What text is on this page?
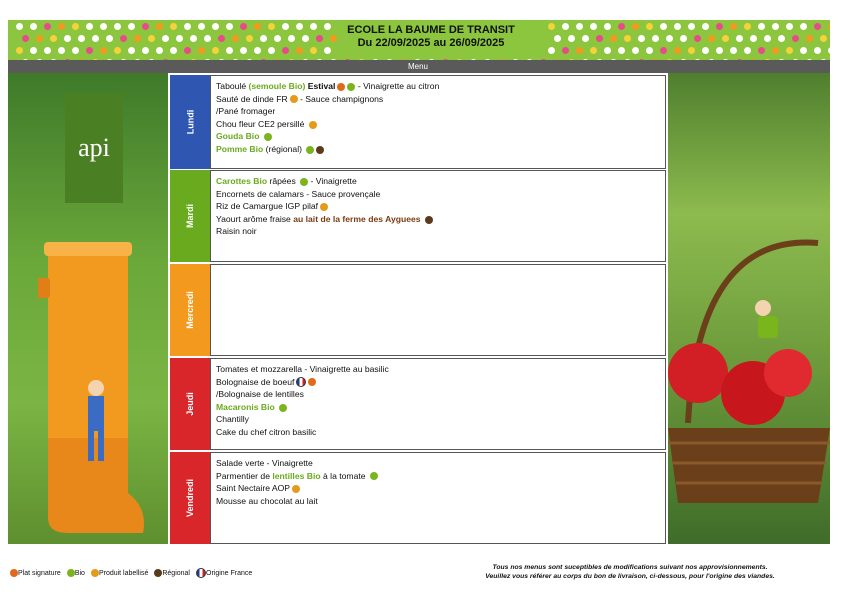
ECOLE LA BAUME DE TRANSIT
Du 22/09/2025 au 26/09/2025
Menu
api
Lundi
Taboulé (semoule Bio) Estival - Vinaigrette au citron
Sauté de dinde FR - Sauce champignons
/Pané fromager
Chou fleur CE2 persillé
Gouda Bio
Pomme Bio (régional)
Mardi
Carottes Bio râpées  - Vinaigrette
Encornets de calamars - Sauce provençale
Riz de Camargue IGP pilaf
Yaourt arôme fraise au lait de la ferme des Ayguees
Raisin noir
Mercredi
Jeudi
Tomates et mozzarella - Vinaigrette au basilic
Bolognaise de boeuf
/Bolognaise de lentilles
Macaronis Bio
Chantilly
Cake du chef citron basilic
Vendredi
Salade verte - Vinaigrette
Parmentier de lentilles Bio à la tomate
Saint Nectaire AOP
Mousse au chocolat au lait
Plat signature Bio Produit labellisé Régional Origine France
Tous nos menus sont suceptibles de modifications suivant nos approvisionnements.
Veuillez vous référer au corps du bon de livraison, ci-dessous, pour l'origine des viandes.
